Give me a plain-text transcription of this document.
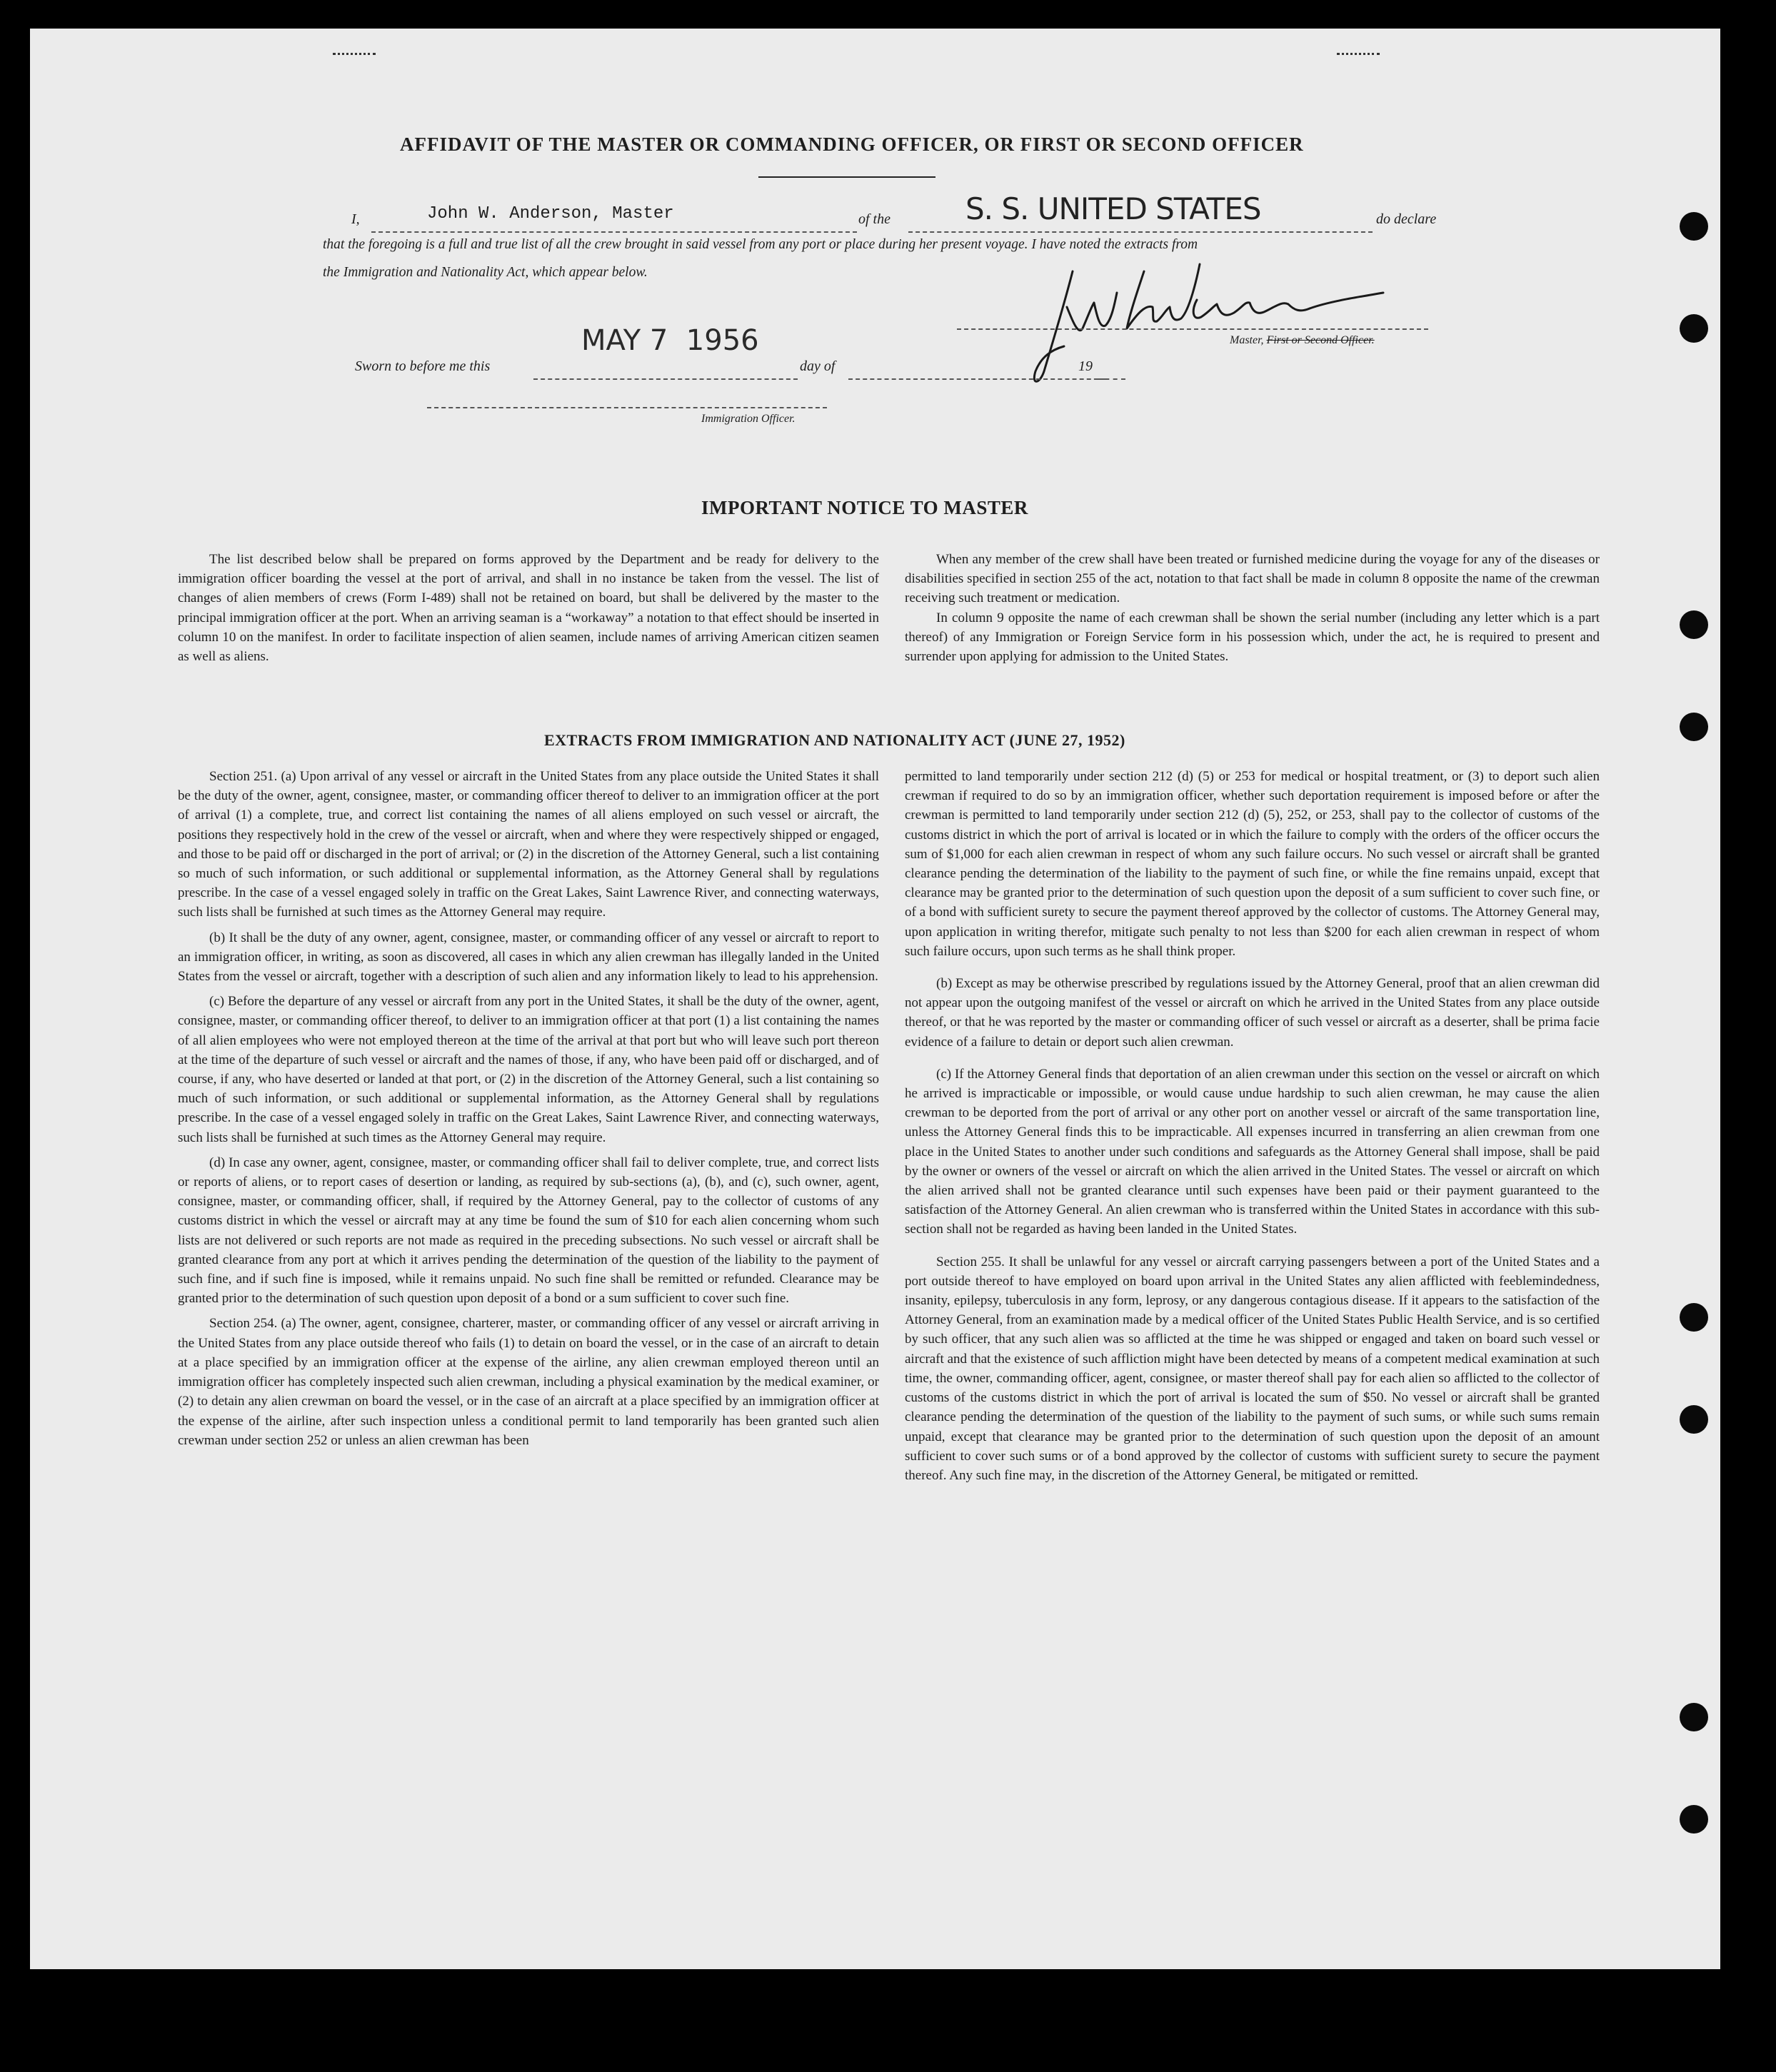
AFFIDAVIT OF THE MASTER OR COMMANDING OFFICER, OR FIRST OR SECOND OFFICER
I,	John W. Anderson, Master	of the	S. S. UNITED STATES	do declare
that the foregoing is a full and true list of all the crew brought in said vessel from any port or place during her present voyage. I have noted the extracts from
the Immigration and Nationality Act, which appear below.
Master, First or Second Officer.
Sworn to before me this
MAY 7  1956
day of	19
Immigration Officer.
IMPORTANT NOTICE TO MASTER

The list described below shall be prepared on forms approved by the Department and be ready for delivery to the immigration officer boarding the vessel at the port of arrival, and shall in no instance be taken from the vessel. The list of changes of alien members of crews (Form I-489) shall not be retained on board, but shall be delivered by the master to the principal immigration officer at the port. When an arriving seaman is a “workaway” a notation to that effect should be inserted in column 10 on the manifest. In order to facilitate inspection of alien seamen, include names of arriving American citizen seamen as well as aliens.

When any member of the crew shall have been treated or furnished medicine during the voyage for any of the diseases or disabilities specified in section 255 of the act, notation to that fact shall be made in column 8 opposite the name of the crewman receiving such treatment or medication.

In column 9 opposite the name of each crewman shall be shown the serial number (including any letter which is a part thereof) of any Immigration or Foreign Service form in his possession which, under the act, he is required to present and surrender upon applying for admission to the United States.

EXTRACTS FROM IMMIGRATION AND NATIONALITY ACT (JUNE 27, 1952)

Section 251. (a) Upon arrival of any vessel or aircraft in the United States from any place outside the United States it shall be the duty of the owner, agent, consignee, master, or commanding officer thereof to deliver to an immigration officer at the port of arrival (1) a complete, true, and correct list containing the names of all aliens employed on such vessel or aircraft, the positions they respectively hold in the crew of the vessel or aircraft, when and where they were respectively shipped or engaged, and those to be paid off or discharged in the port of arrival; or (2) in the discretion of the Attorney General, such a list containing so much of such information, or such additional or supplemental information, as the Attorney General shall by regulations prescribe. In the case of a vessel engaged solely in traffic on the Great Lakes, Saint Lawrence River, and connecting waterways, such lists shall be furnished at such times as the Attorney General may require.

(b) It shall be the duty of any owner, agent, consignee, master, or commanding officer of any vessel or aircraft to report to an immigration officer, in writing, as soon as discovered, all cases in which any alien crewman has illegally landed in the United States from the vessel or aircraft, together with a description of such alien and any information likely to lead to his apprehension.

(c) Before the departure of any vessel or aircraft from any port in the United States, it shall be the duty of the owner, agent, consignee, master, or commanding officer thereof, to deliver to an immigration officer at that port (1) a list containing the names of all alien employees who were not employed thereon at the time of the arrival at that port but who will leave such port thereon at the time of the departure of such vessel or aircraft and the names of those, if any, who have been paid off or discharged, and of course, if any, who have deserted or landed at that port, or (2) in the discretion of the Attorney General, such a list containing so much of such information, or such additional or supplemental information, as the Attorney General shall by regulations prescribe. In the case of a vessel engaged solely in traffic on the Great Lakes, Saint Lawrence River, and connecting waterways, such lists shall be furnished at such times as the Attorney General may require.

(d) In case any owner, agent, consignee, master, or commanding officer shall fail to deliver complete, true, and correct lists or reports of aliens, or to report cases of desertion or landing, as required by sub-sections (a), (b), and (c), such owner, agent, consignee, master, or commanding officer, shall, if required by the Attorney General, pay to the collector of customs of any customs district in which the vessel or aircraft may at any time be found the sum of $10 for each alien concerning whom such lists are not delivered or such reports are not made as required in the preceding subsections. No such vessel or aircraft shall be granted clearance from any port at which it arrives pending the determination of the question of the liability to the payment of such fine, and if such fine is imposed, while it remains unpaid. No such fine shall be remitted or refunded. Clearance may be granted prior to the determination of such question upon deposit of a bond or a sum sufficient to cover such fine.

Section 254. (a) The owner, agent, consignee, charterer, master, or commanding officer of any vessel or aircraft arriving in the United States from any place outside thereof who fails (1) to detain on board the vessel, or in the case of an aircraft to detain at a place specified by an immigration officer at the expense of the airline, any alien crewman employed thereon until an immigration officer has completely inspected such alien crewman, including a physical examination by the medical examiner, or (2) to detain any alien crewman on board the vessel, or in the case of an aircraft at a place specified by an immigration officer at the expense of the airline, after such inspection unless a conditional permit to land temporarily has been granted such alien crewman under section 252 or unless an alien crewman has been

permitted to land temporarily under section 212 (d) (5) or 253 for medical or hospital treatment, or (3) to deport such alien crewman if required to do so by an immigration officer, whether such deportation requirement is imposed before or after the crewman is permitted to land temporarily under section 212 (d) (5), 252, or 253, shall pay to the collector of customs of the customs district in which the port of arrival is located or in which the failure to comply with the orders of the officer occurs the sum of $1,000 for each alien crewman in respect of whom any such failure occurs. No such vessel or aircraft shall be granted clearance pending the determination of the liability to the payment of such fine, or while the fine remains unpaid, except that clearance may be granted prior to the determination of such question upon the deposit of a sum sufficient to cover such fine, or of a bond with sufficient surety to secure the payment thereof approved by the collector of customs. The Attorney General may, upon application in writing therefor, mitigate such penalty to not less than $200 for each alien crewman in respect of whom such failure occurs, upon such terms as he shall think proper.

(b) Except as may be otherwise prescribed by regulations issued by the Attorney General, proof that an alien crewman did not appear upon the outgoing manifest of the vessel or aircraft on which he arrived in the United States from any place outside thereof, or that he was reported by the master or commanding officer of such vessel or aircraft as a deserter, shall be prima facie evidence of a failure to detain or deport such alien crewman.

(c) If the Attorney General finds that deportation of an alien crewman under this section on the vessel or aircraft on which he arrived is impracticable or impossible, or would cause undue hardship to such alien crewman, he may cause the alien crewman to be deported from the port of arrival or any other port on another vessel or aircraft of the same transportation line, unless the Attorney General finds this to be impracticable. All expenses incurred in transferring an alien crewman from one place in the United States to another under such conditions and safeguards as the Attorney General shall impose, shall be paid by the owner or owners of the vessel or aircraft on which the alien arrived in the United States. The vessel or aircraft on which the alien arrived shall not be granted clearance until such expenses have been paid or their payment guaranteed to the satisfaction of the Attorney General. An alien crewman who is transferred within the United States in accordance with this sub-section shall not be regarded as having been landed in the United States.

Section 255. It shall be unlawful for any vessel or aircraft carrying passengers between a port of the United States and a port outside thereof to have employed on board upon arrival in the United States any alien afflicted with feeblemindedness, insanity, epilepsy, tuberculosis in any form, leprosy, or any dangerous contagious disease. If it appears to the satisfaction of the Attorney General, from an examination made by a medical officer of the United States Public Health Service, and is so certified by such officer, that any such alien was so afflicted at the time he was shipped or engaged and taken on board such vessel or aircraft and that the existence of such affliction might have been detected by means of a competent medical examination at such time, the owner, commanding officer, agent, consignee, or master thereof shall pay for each alien so afflicted to the collector of customs of the customs district in which the port of arrival is located the sum of $50. No vessel or aircraft shall be granted clearance pending the determination of the question of the liability to the payment of such sums, or while such sums remain unpaid, except that clearance may be granted prior to the determination of such question upon the deposit of an amount sufficient to cover such sums or of a bond approved by the collector of customs with sufficient surety to secure the payment thereof. Any such fine may, in the discretion of the Attorney General, be mitigated or remitted.
